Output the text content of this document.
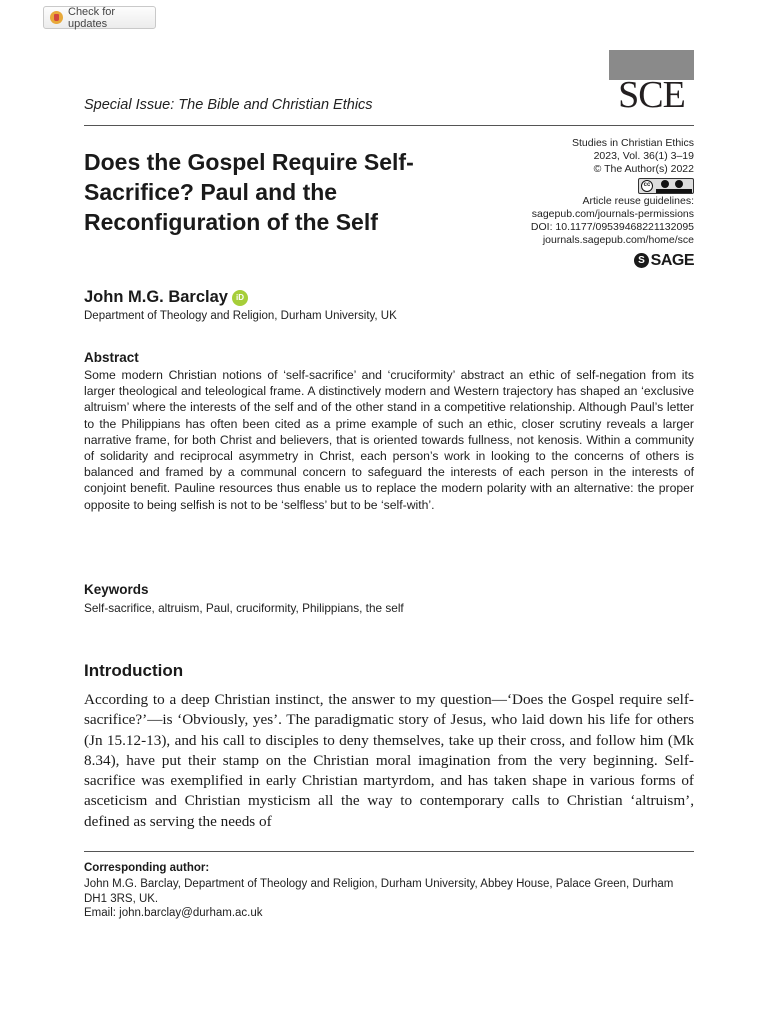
Check for updates
SCE
Special Issue: The Bible and Christian Ethics
Does the Gospel Require Self-Sacrifice? Paul and the Reconfiguration of the Self
Studies in Christian Ethics
2023, Vol. 36(1) 3–19
© The Author(s) 2022
cc
Article reuse guidelines:
sagepub.com/journals-permissions
DOI: 10.1177/09539468221132095
journals.sagepub.com/home/sce
S SAGE
John M.G. Barclay	iD
Department of Theology and Religion, Durham University, UK
Abstract

Some modern Christian notions of ‘self-sacrifice’ and ‘cruciformity’ abstract an ethic of self-negation from its larger theological and teleological frame. A distinctively modern and Western trajectory has shaped an ‘exclusive altruism’ where the interests of the self and of the other stand in a competitive relationship. Although Paul’s letter to the Philippians has often been cited as a prime example of such an ethic, closer scrutiny reveals a larger narrative frame, for both Christ and believers, that is oriented towards fullness, not kenosis. Within a community of solidarity and reciprocal asymmetry in Christ, each person’s work in looking to the concerns of others is balanced and framed by a communal concern to safeguard the interests of each person in the interests of conjoint benefit. Pauline resources thus enable us to replace the modern polarity with an alternative: the proper opposite to being selfish is not to be ‘selfless’ but to be ‘self-with’.

Keywords

Self-sacrifice, altruism, Paul, cruciformity, Philippians, the self

Introduction

According to a deep Christian instinct, the answer to my question—‘Does the Gospel require self-sacrifice?’—is ‘Obviously, yes’. The paradigmatic story of Jesus, who laid down his life for others (Jn 15.12-13), and his call to disciples to deny themselves, take up their cross, and follow him (Mk 8.34), have put their stamp on the Christian moral imagination from the very beginning. Self-sacrifice was exemplified in early Christian martyrdom, and has taken shape in various forms of asceticism and Christian mysticism all the way to contemporary calls to Christian ‘altruism’, defined as serving the needs of

Corresponding author:
John M.G. Barclay, Department of Theology and Religion, Durham University, Abbey House, Palace Green, Durham DH1 3RS, UK.
Email: john.barclay@durham.ac.uk
